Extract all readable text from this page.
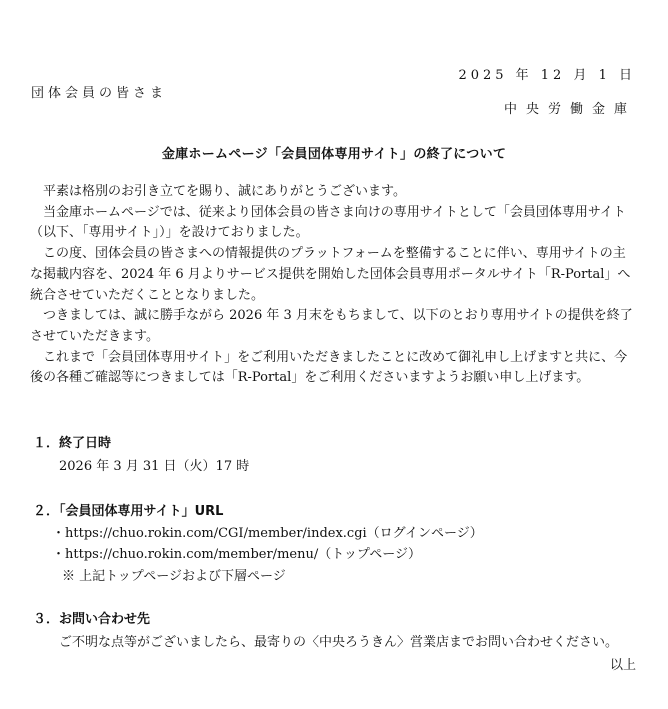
2025 年 12 月 1 日
団体会員の皆さま
中央労働金庫
金庫ホームページ「会員団体専用サイト」の終了について

平素は格別のお引き立てを賜り、誠にありがとうございます。

当金庫ホームページでは、従来より団体会員の皆さま向けの専用サイトとして「会員団体専用サイト（以下、「専用サイト」）」を設けておりました。

この度、団体会員の皆さまへの情報提供のプラットフォームを整備することに伴い、専用サイトの主な掲載内容を、2024 年 6 月よりサービス提供を開始した団体会員専用ポータルサイト「R-Portal」へ統合させていただくこととなりました。

つきましては、誠に勝手ながら 2026 年 3 月末をもちまして、以下のとおり専用サイトの提供を終了させていただきます。

これまで「会員団体専用サイト」をご利用いただきましたことに改めて御礼申し上げますと共に、今後の各種ご確認等につきましては「R-Portal」をご利用くださいますようお願い申し上げます。

１．終了日時
2026 年 3 月 31 日（火）17 時
２．「会員団体専用サイト」URL
・https://chuo.rokin.com/CGI/member/index.cgi（ログインページ）
・https://chuo.rokin.com/member/menu/（トップページ）
※ 上記トップページおよび下層ページ
３．お問い合わせ先
ご不明な点等がございましたら、最寄りの〈中央ろうきん〉営業店までお問い合わせください。
以上
